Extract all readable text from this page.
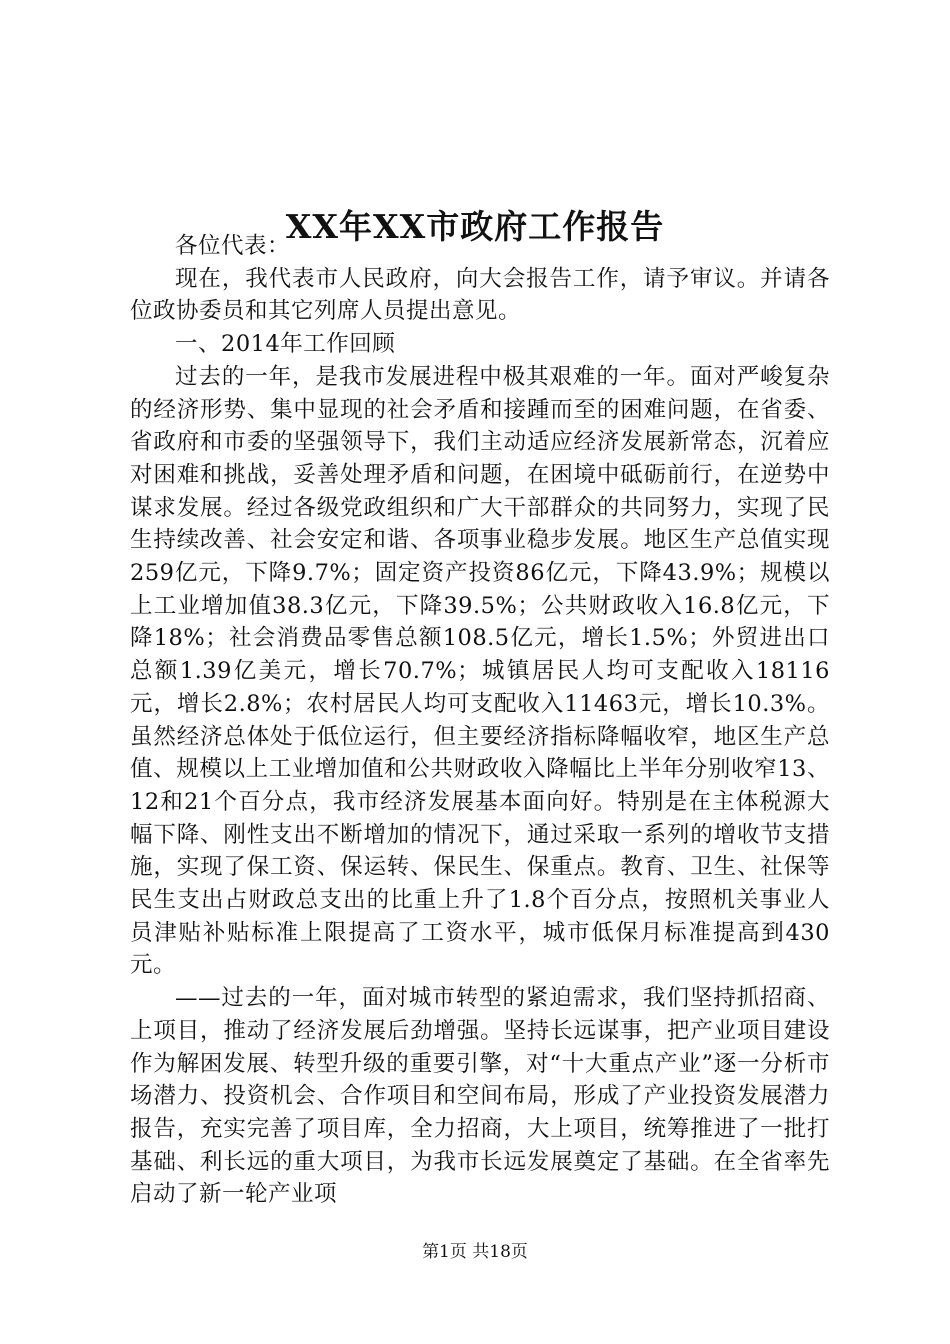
XX年XX市政府工作报告

各位代表：

现在，我代表市人民政府，向大会报告工作，请予审议。并请各位政协委员和其它列席人员提出意见。

一、2014年工作回顾

过去的一年，是我市发展进程中极其艰难的一年。面对严峻复杂的经济形势、集中显现的社会矛盾和接踵而至的困难问题，在省委、省政府和市委的坚强领导下，我们主动适应经济发展新常态，沉着应对困难和挑战，妥善处理矛盾和问题，在困境中砥砺前行，在逆势中谋求发展。经过各级党政组织和广大干部群众的共同努力，实现了民生持续改善、社会安定和谐、各项事业稳步发展。地区生产总值实现259亿元，下降9.7%；固定资产投资86亿元，下降43.9%；规模以上工业增加值38.3亿元，下降39.5%；公共财政收入16.8亿元，下降18%；社会消费品零售总额108.5亿元，增长1.5%；外贸进出口总额1.39亿美元，增长70.7%；城镇居民人均可支配收入18116元，增长2.8%；农村居民人均可支配收入11463元，增长10.3%。虽然经济总体处于低位运行，但主要经济指标降幅收窄，地区生产总值、规模以上工业增加值和公共财政收入降幅比上半年分别收窄13、12和21个百分点，我市经济发展基本面向好。特别是在主体税源大幅下降、刚性支出不断增加的情况下，通过采取一系列的增收节支措施，实现了保工资、保运转、保民生、保重点。教育、卫生、社保等民生支出占财政总支出的比重上升了1.8个百分点，按照机关事业人员津贴补贴标准上限提高了工资水平，城市低保月标准提高到430元。

——过去的一年，面对城市转型的紧迫需求，我们坚持抓招商、上项目，推动了经济发展后劲增强。坚持长远谋事，把产业项目建设作为解困发展、转型升级的重要引擎，对“十大重点产业”逐一分析市场潜力、投资机会、合作项目和空间布局，形成了产业投资发展潜力报告，充实完善了项目库，全力招商，大上项目，统筹推进了一批打基础、利长远的重大项目，为我市长远发展奠定了基础。在全省率先启动了新一轮产业项

第1页 共18页
